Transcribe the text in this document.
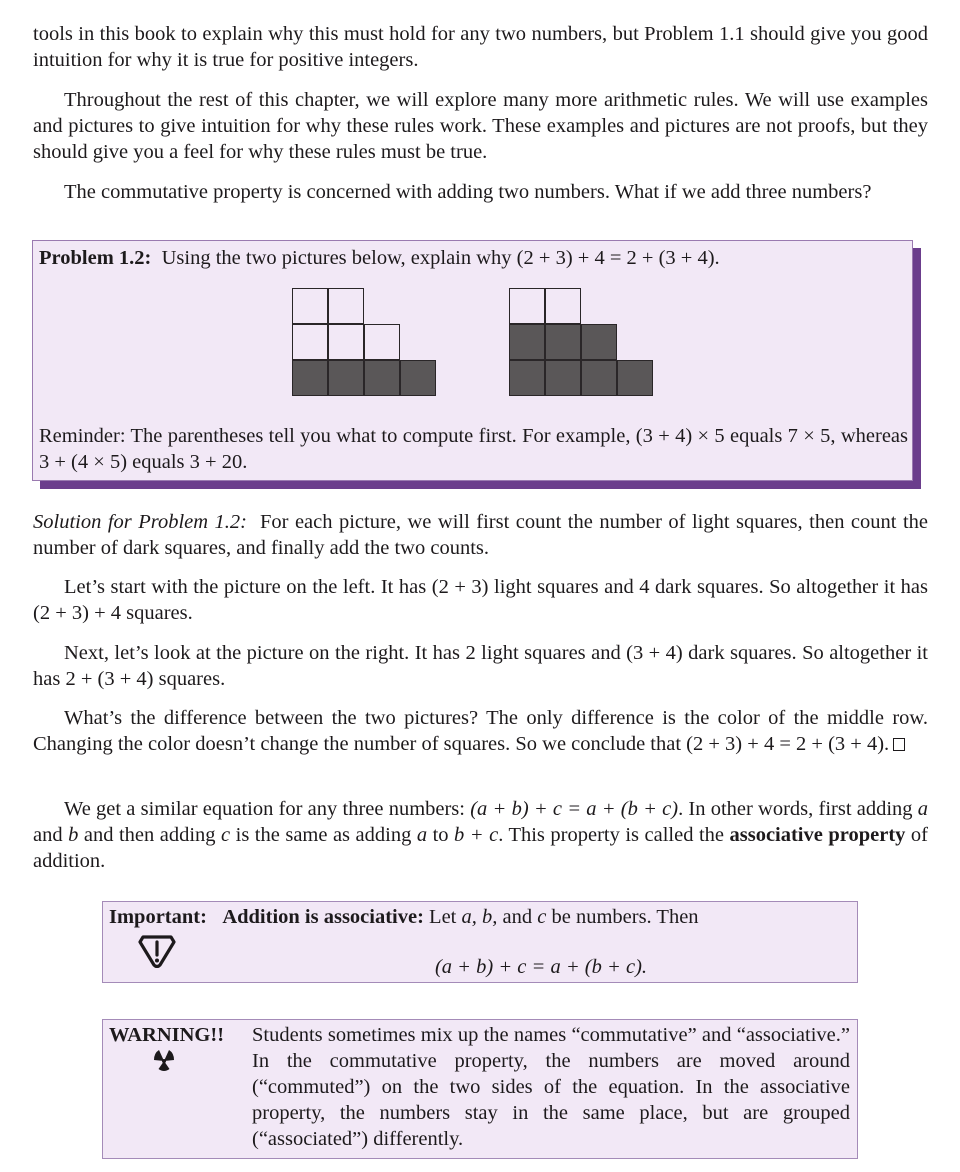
tools in this book to explain why this must hold for any two numbers, but Problem 1.1 should give you good intuition for why it is true for positive integers.

Throughout the rest of this chapter, we will explore many more arithmetic rules. We will use examples and pictures to give intuition for why these rules work. These examples and pictures are not proofs, but they should give you a feel for why these rules must be true.

The commutative property is concerned with adding two numbers. What if we add three numbers?

Problem 1.2: Using the two pictures below, explain why (2 + 3) + 4 = 2 + (3 + 4).
Reminder: The parentheses tell you what to compute first. For example, (3 + 4) × 5 equals 7 × 5, whereas 3 + (4 × 5) equals 3 + 20.

Solution for Problem 1.2: For each picture, we will first count the number of light squares, then count the number of dark squares, and finally add the two counts.

Let’s start with the picture on the left. It has (2 + 3) light squares and 4 dark squares. So altogether it has (2 + 3) + 4 squares.

Next, let’s look at the picture on the right. It has 2 light squares and (3 + 4) dark squares. So altogether it has 2 + (3 + 4) squares.

What’s the difference between the two pictures? The only difference is the color of the middle row. Changing the color doesn’t change the number of squares. So we conclude that (2 + 3) + 4 = 2 + (3 + 4).

We get a similar equation for any three numbers: (a + b) + c = a + (b + c). In other words, first adding a and b and then adding c is the same as adding a to b + c. This property is called the associative property of addition.

Important: Addition is associative: Let a, b, and c be numbers. Then
(a + b) + c = a + (b + c).
WARNING!! Students sometimes mix up the names “commutative” and “associative.” In the commutative property, the numbers are moved around (“commuted”) on the two sides of the equation. In the associative property, the numbers stay in the same place, but are grouped (“associated”) differently.
